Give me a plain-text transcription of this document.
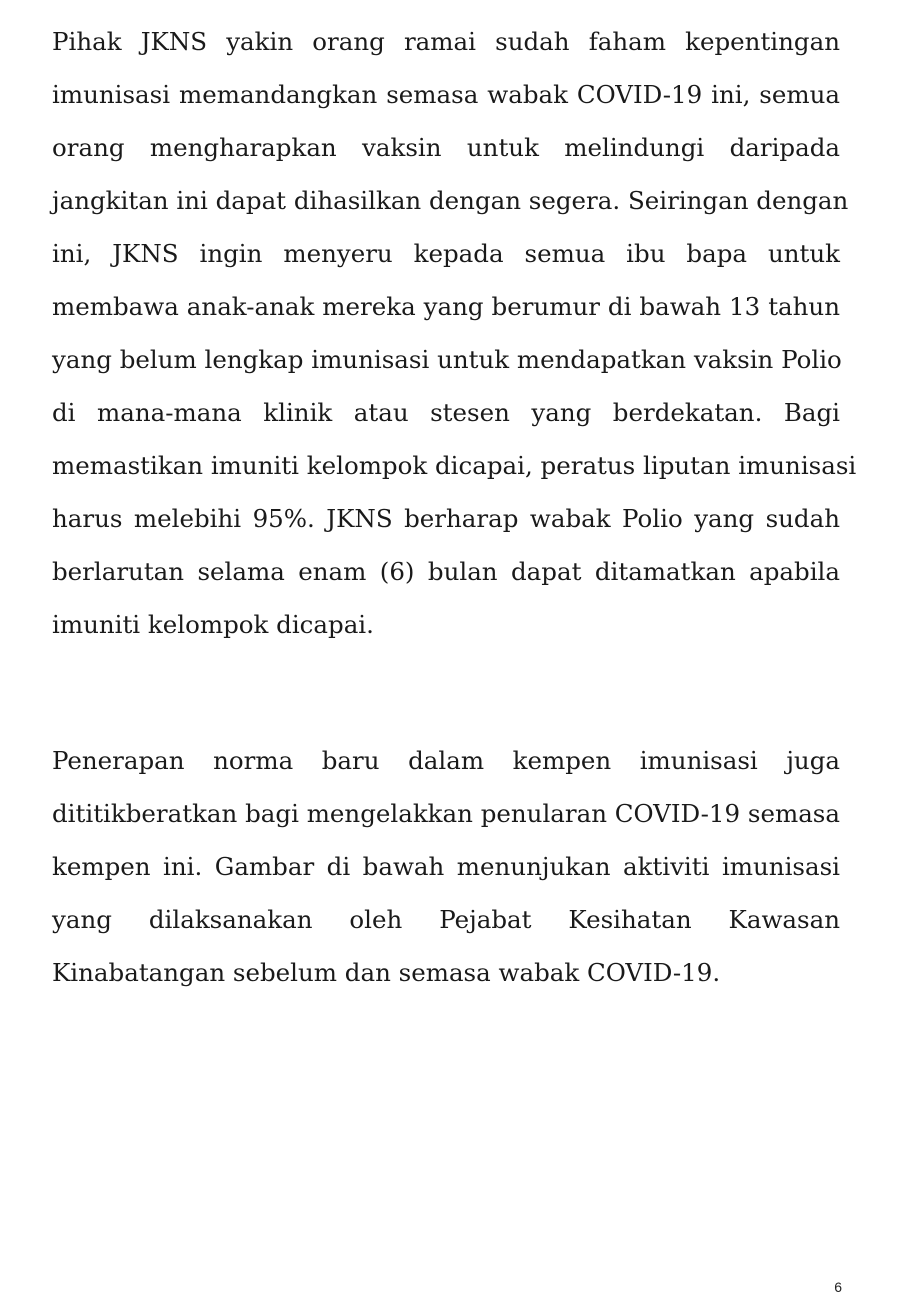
Pihak JKNS yakin orang ramai sudah faham kepentingan

imunisasi memandangkan semasa wabak COVID-19 ini, semua

orang mengharapkan vaksin untuk melindungi daripada

jangkitan ini dapat dihasilkan dengan segera. Seiringan dengan

ini, JKNS ingin menyeru kepada semua ibu bapa untuk

membawa anak-anak mereka yang berumur di bawah 13 tahun

yang belum lengkap imunisasi untuk mendapatkan vaksin Polio

di mana-mana klinik atau stesen yang berdekatan. Bagi

memastikan imuniti kelompok dicapai, peratus liputan imunisasi

harus melebihi 95%. JKNS berharap wabak Polio yang sudah

berlarutan selama enam (6) bulan dapat ditamatkan apabila

imuniti kelompok dicapai.

Penerapan norma baru dalam kempen imunisasi juga

dititikberatkan bagi mengelakkan penularan COVID-19 semasa

kempen ini. Gambar di bawah menunjukan aktiviti imunisasi

yang dilaksanakan oleh Pejabat Kesihatan Kawasan

Kinabatangan sebelum dan semasa wabak COVID-19.

6
